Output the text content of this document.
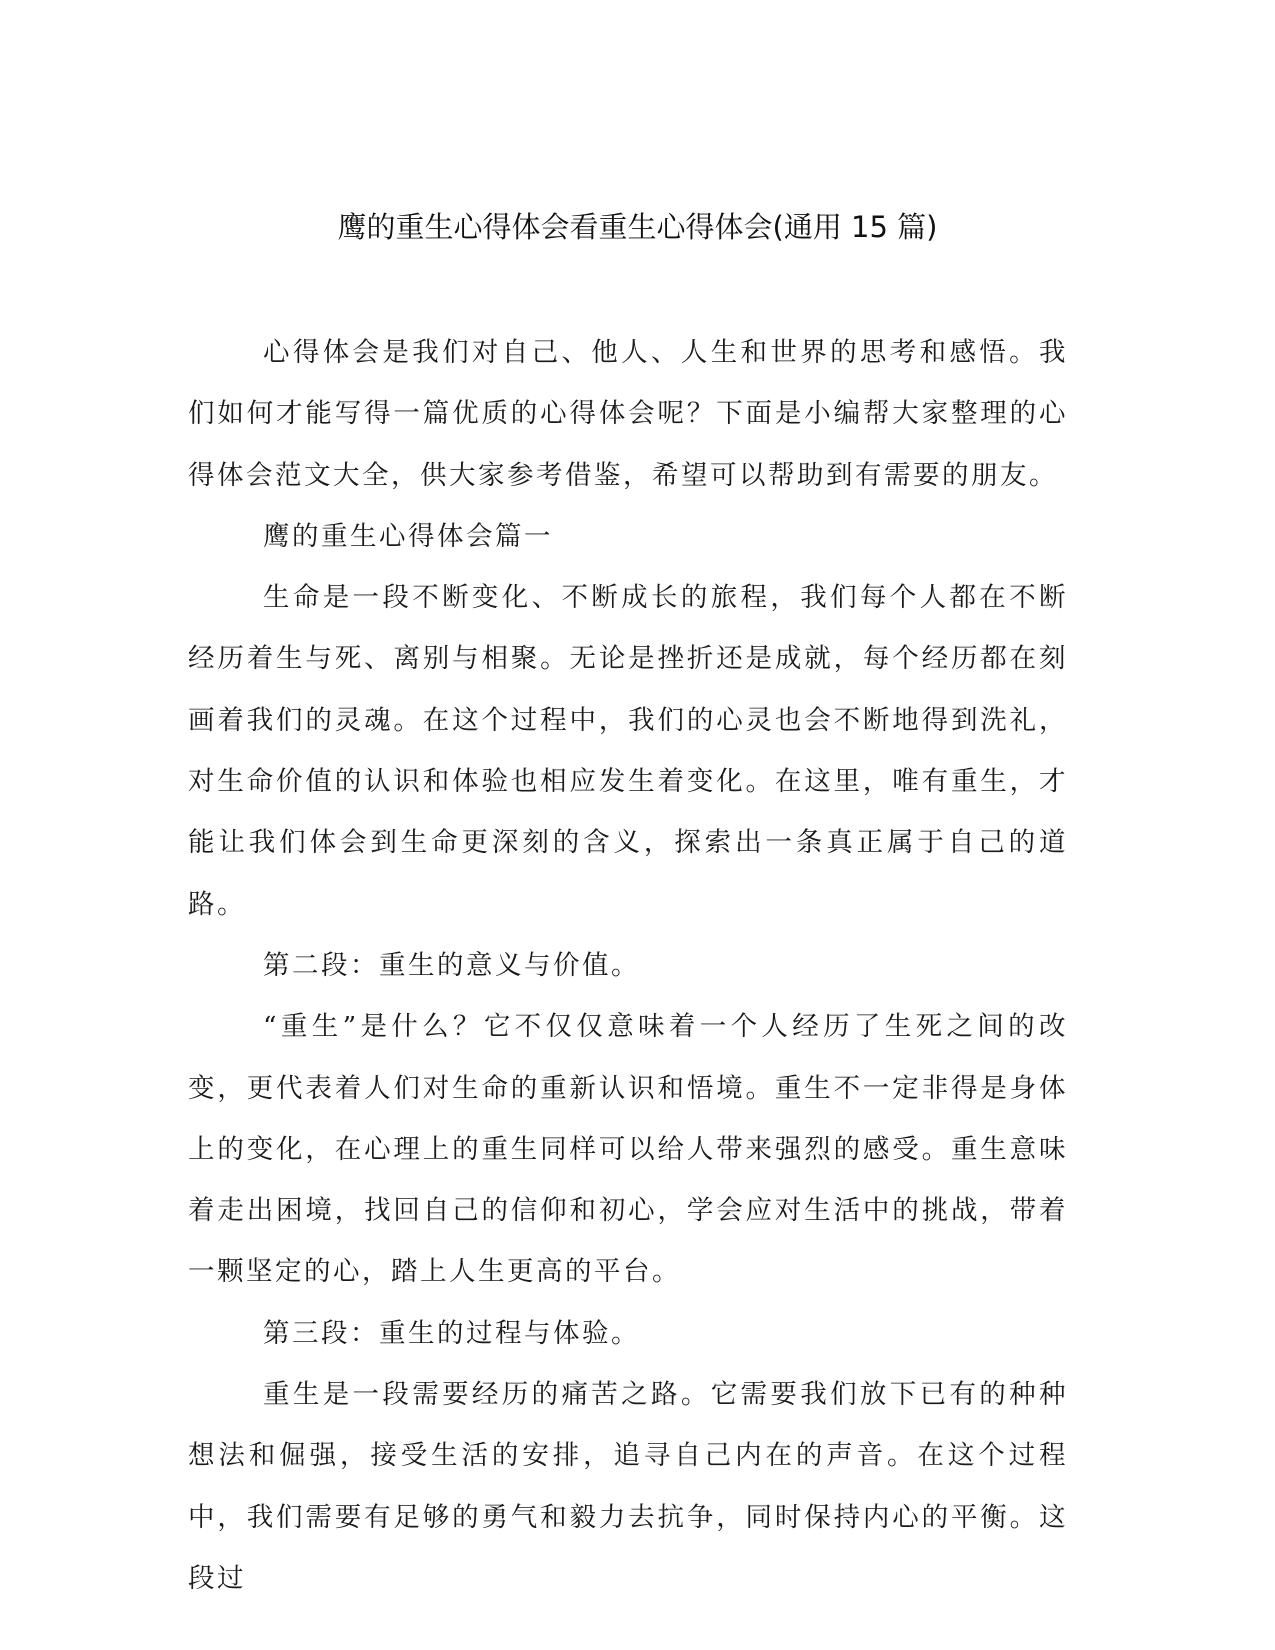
鹰的重生心得体会看重生心得体会(通用 15 篇)

心得体会是我们对自己、他人、人生和世界的思考和感悟。我们如何才能写得一篇优质的心得体会呢？下面是小编帮大家整理的心得体会范文大全，供大家参考借鉴，希望可以帮助到有需要的朋友。

鹰的重生心得体会篇一

生命是一段不断变化、不断成长的旅程，我们每个人都在不断经历着生与死、离别与相聚。无论是挫折还是成就，每个经历都在刻画着我们的灵魂。在这个过程中，我们的心灵也会不断地得到洗礼，对生命价值的认识和体验也相应发生着变化。在这里，唯有重生，才能让我们体会到生命更深刻的含义，探索出一条真正属于自己的道路。

第二段：重生的意义与价值。

“重生”是什么？它不仅仅意味着一个人经历了生死之间的改变，更代表着人们对生命的重新认识和悟境。重生不一定非得是身体上的变化，在心理上的重生同样可以给人带来强烈的感受。重生意味着走出困境，找回自己的信仰和初心，学会应对生活中的挑战，带着一颗坚定的心，踏上人生更高的平台。

第三段：重生的过程与体验。

重生是一段需要经历的痛苦之路。它需要我们放下已有的种种想法和倔强，接受生活的安排，追寻自己内在的声音。在这个过程中，我们需要有足够的勇气和毅力去抗争，同时保持内心的平衡。这段过
